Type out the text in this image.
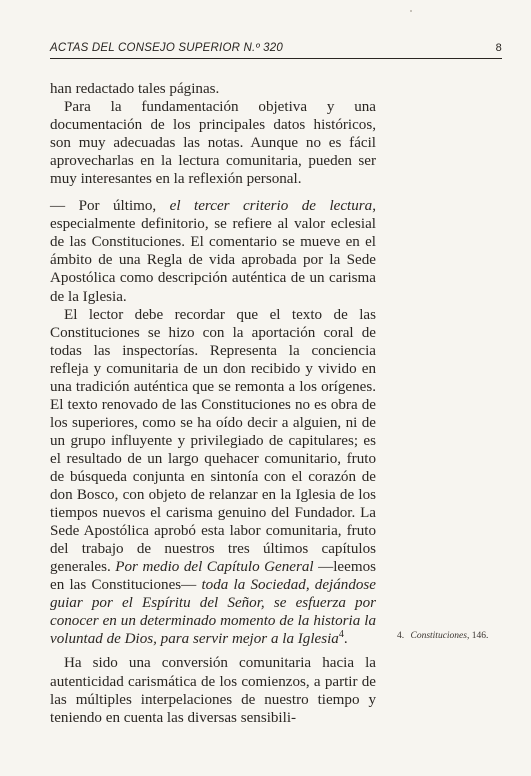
ACTAS DEL CONSEJO SUPERIOR N.º 320	8

han redactado tales páginas.

Para la fundamentación objetiva y una documentación de los principales datos históricos, son muy adecuadas las notas. Aunque no es fácil aprovecharlas en la lectura comunitaria, pueden ser muy interesantes en la reflexión personal.

— Por último, el tercer criterio de lectura, especialmente definitorio, se refiere al valor eclesial de las Constituciones. El comentario se mueve en el ámbito de una Regla de vida aprobada por la Sede Apostólica como descripción auténtica de un carisma de la Iglesia.

El lector debe recordar que el texto de las Constituciones se hizo con la aportación coral de todas las inspectorías. Representa la conciencia refleja y comunitaria de un don recibido y vivido en una tradición auténtica que se remonta a los orígenes. El texto renovado de las Constituciones no es obra de los superiores, como se ha oído decir a alguien, ni de un grupo influyente y privilegiado de capitulares; es el resultado de un largo quehacer comunitario, fruto de búsqueda conjunta en sintonía con el corazón de don Bosco, con objeto de relanzar en la Iglesia de los tiempos nuevos el carisma genuino del Fundador. La Sede Apostólica aprobó esta labor comunitaria, fruto del trabajo de nuestros tres últimos capítulos generales. Por medio del Capítulo General —leemos en las Constituciones— toda la Sociedad, dejándose guiar por el Espíritu del Señor, se esfuerza por conocer en un determinado momento de la historia la voluntad de Dios, para servir mejor a la Iglesia$^4$.

Ha sido una conversión comunitaria hacia la autenticidad carismática de los comienzos, a partir de las múltiples interpelaciones de nuestro tiempo y teniendo en cuenta las diversas sensibili-

4. Constituciones, 146.
